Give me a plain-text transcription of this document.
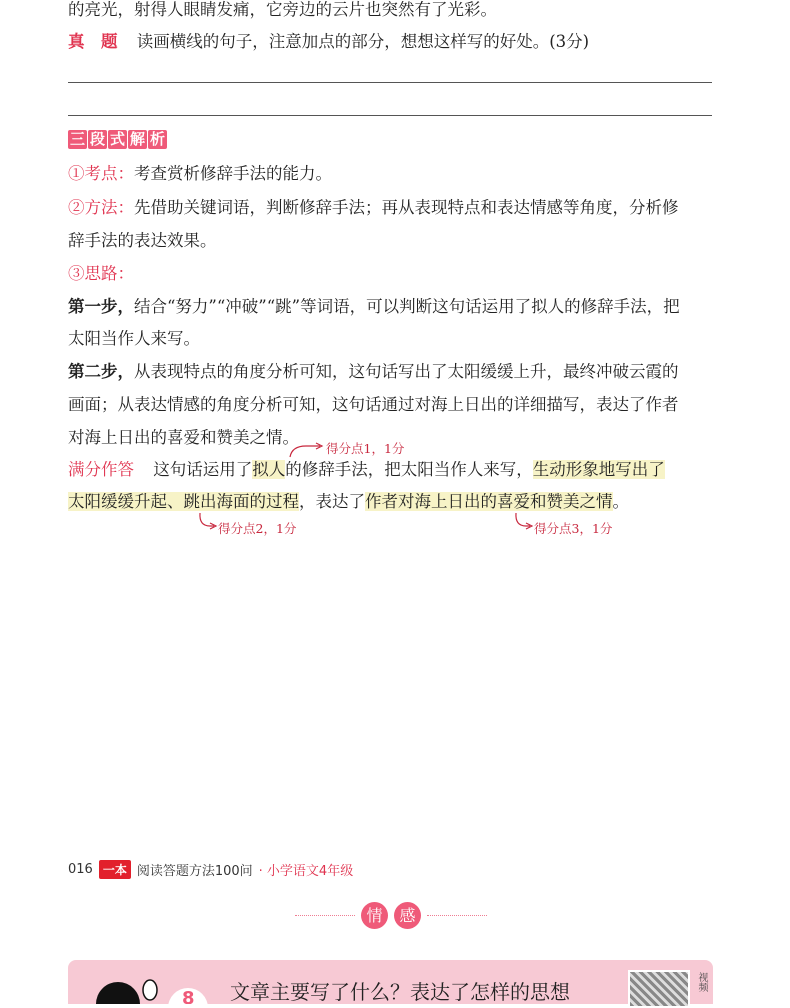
的亮光，射得人眼睛发痛，它旁边的云片也突然有了光彩。
真　题 读画横线的句子，注意加点的部分，想想这样写的好处。(3分)
三 段 式 解 析
①考点：考查赏析修辞手法的能力。
②方法：先借助关键词语，判断修辞手法；再从表现特点和表达情感等角度，分析修
辞手法的表达效果。
③思路：
第一步，结合“努力”“冲破”“跳”等词语，可以判断这句话运用了拟人的修辞手法，把
太阳当作人来写。
第二步，从表现特点的角度分析可知，这句话写出了太阳缓缓上升，最终冲破云霞的
画面；从表达情感的角度分析可知，这句话通过对海上日出的详细描写，表达了作者
对海上日出的喜爱和赞美之情。
得分点1，1分
满分作答 这句话运用了拟人的修辞手法，把太阳当作人来写，生动形象地写出了
太阳缓缓升起、跳出海面的过程，表达了作者对海上日出的喜爱和赞美之情。
得分点2，1分	得分点3，1分
016 一本 阅读答题方法100问 · 小学语文4年级
情	感
8 文章主要写了什么？表达了怎样的思想	视频
